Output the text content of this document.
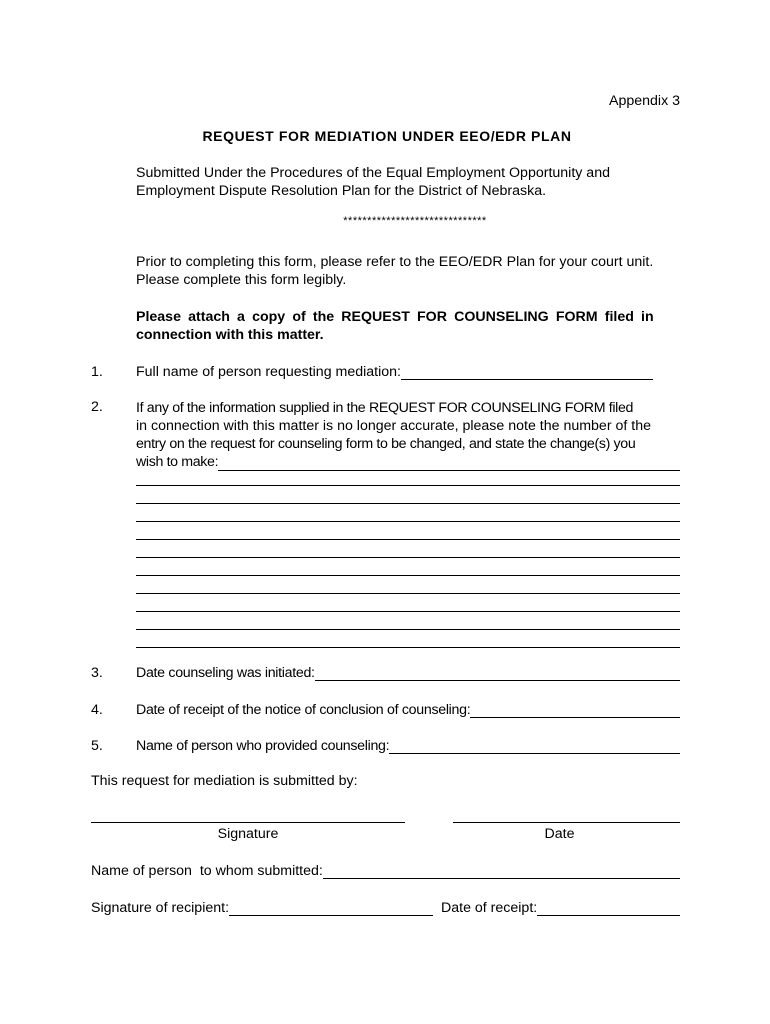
Appendix 3
REQUEST FOR MEDIATION UNDER EEO/EDR PLAN
Submitted Under the Procedures of the Equal Employment Opportunity and
Employment Dispute Resolution Plan for the District of Nebraska.
******************************
Prior to completing this form, please refer to the EEO/EDR Plan for your court unit.
Please complete this form legibly.
Please attach a copy of the REQUEST FOR COUNSELING FORM filed in
connection with this matter.
1. Full name of person requesting mediation:
2. If any of the information supplied in the REQUEST FOR COUNSELING FORM filed
in connection with this matter is no longer accurate, please note the number of the
entry on the request for counseling form to be changed, and state the change(s) you
wish to make:
3. Date counseling was initiated:
4. Date of receipt of the notice of conclusion of counseling:
5. Name of person who provided counseling:
This request for mediation is submitted by:
Signature	Date
Name of person  to whom submitted:
Signature of recipient:	Date of receipt:
